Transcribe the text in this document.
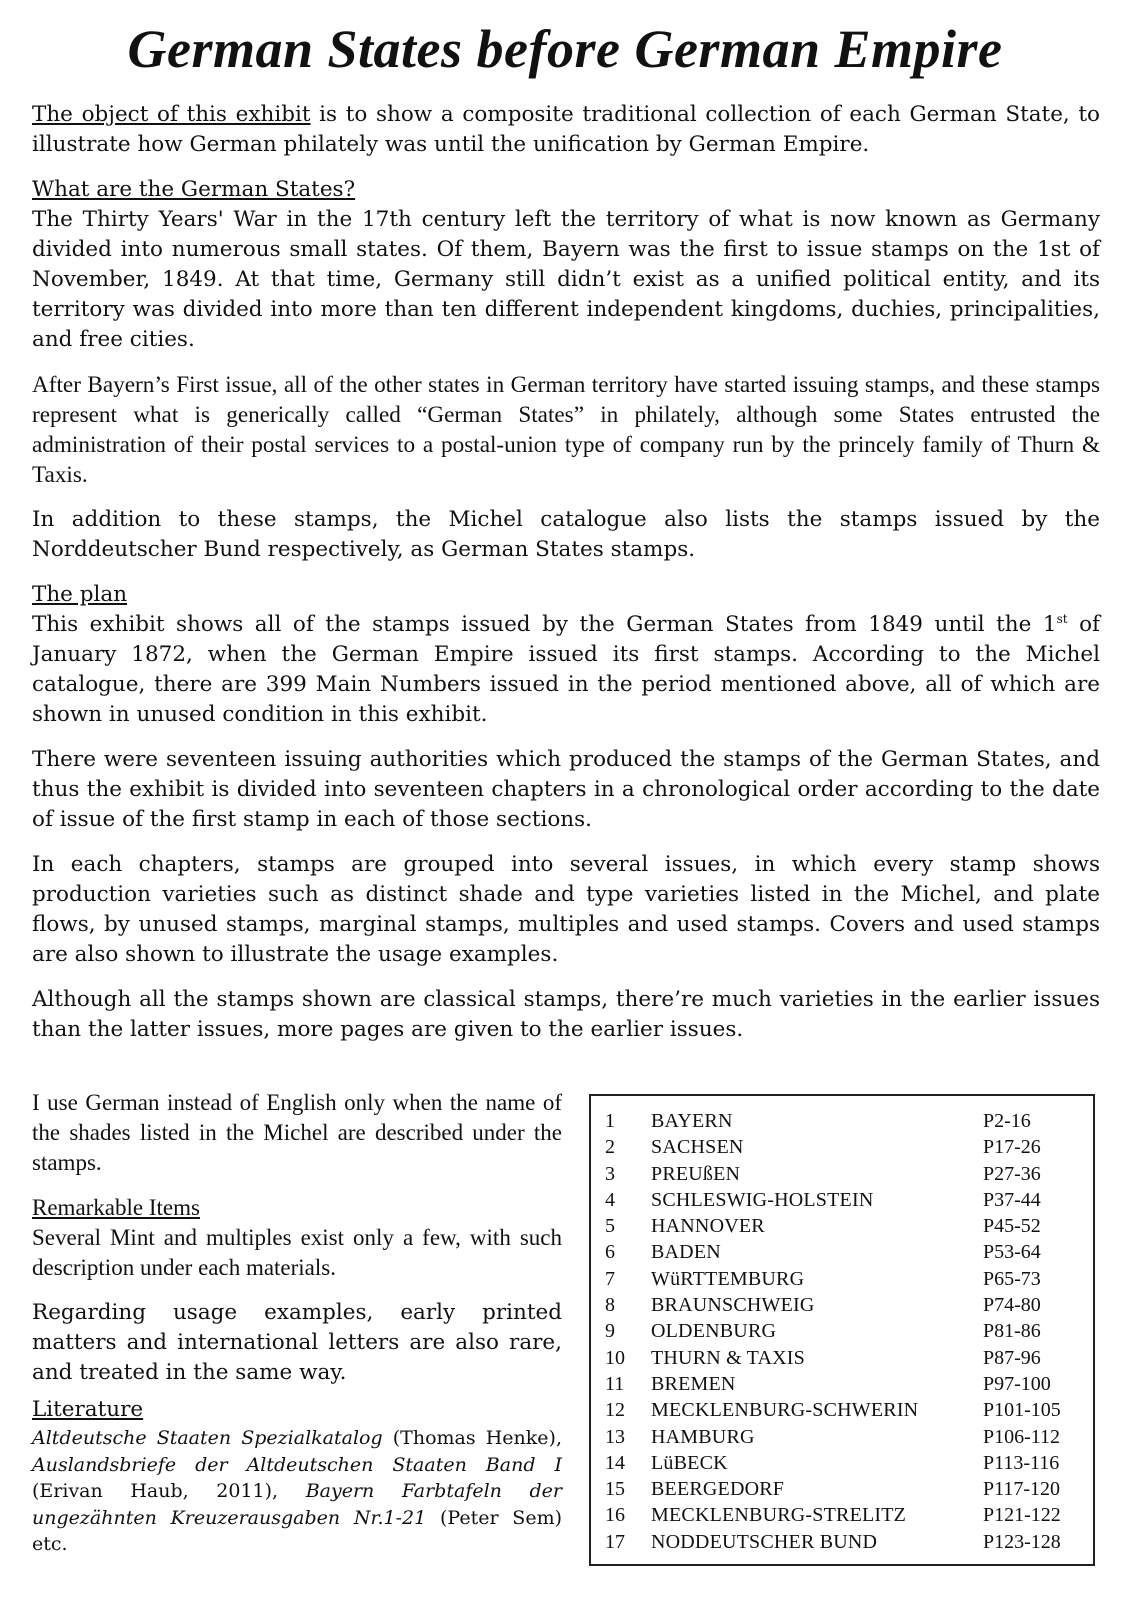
German States before German Empire

The object of this exhibit is to show a composite traditional collection of each German State, to illustrate how German philately was until the unification by German Empire.

What are the German States?

The Thirty Years' War in the 17th century left the territory of what is now known as Germany divided into numerous small states. Of them, Bayern was the first to issue stamps on the 1st of November, 1849. At that time, Germany still didn’t exist as a unified political entity, and its territory was divided into more than ten different independent kingdoms, duchies, principalities, and free cities.

After Bayern’s First issue, all of the other states in German territory have started issuing stamps, and these stamps represent what is generically called “German States” in philately, although some States entrusted the administration of their postal services to a postal-union type of company run by the princely family of Thurn & Taxis.

In addition to these stamps, the Michel catalogue also lists the stamps issued by the Norddeutscher Bund respectively, as German States stamps.

The plan

This exhibit shows all of the stamps issued by the German States from 1849 until the 1st of January 1872, when the German Empire issued its first stamps. According to the Michel catalogue, there are 399 Main Numbers issued in the period mentioned above, all of which are shown in unused condition in this exhibit.

There were seventeen issuing authorities which produced the stamps of the German States, and thus the exhibit is divided into seventeen chapters in a chronological order according to the date of issue of the first stamp in each of those sections.

In each chapters, stamps are grouped into several issues, in which every stamp shows production varieties such as distinct shade and type varieties listed in the Michel, and plate flows, by unused stamps, marginal stamps, multiples and used stamps. Covers and used stamps are also shown to illustrate the usage examples.

Although all the stamps shown are classical stamps, there’re much varieties in the earlier issues than the latter issues, more pages are given to the earlier issues.

I use German instead of English only when the name of the shades listed in the Michel are described under the stamps.

Remarkable Items

Several Mint and multiples exist only a few, with such description under each materials.

Regarding usage examples, early printed matters and international letters are also rare, and treated in the same way.

Literature

Altdeutsche Staaten Spezialkatalog (Thomas Henke), Auslandsbriefe der Altdeutschen Staaten Band I (Erivan Haub, 2011), Bayern Farbtafeln der ungezähnten Kreuzerausgaben Nr.1-21 (Peter Sem) etc.

1 BAYERN	P2-16
2 SACHSEN	P17-26
3 PREUßEN	P27-36
4 SCHLESWIG-HOLSTEIN	P37-44
5 HANNOVER	P45-52
6 BADEN	P53-64
7 WüRTTEMBURG	P65-73
8 BRAUNSCHWEIG	P74-80
9 OLDENBURG	P81-86
10 THURN & TAXIS	P87-96
11 BREMEN	P97-100
12 MECKLENBURG-SCHWERIN	P101-105
13 HAMBURG	P106-112
14 LüBECK	P113-116
15 BEERGEDORF	P117-120
16 MECKLENBURG-STRELITZ	P121-122
17 NODDEUTSCHER BUND	P123-128
